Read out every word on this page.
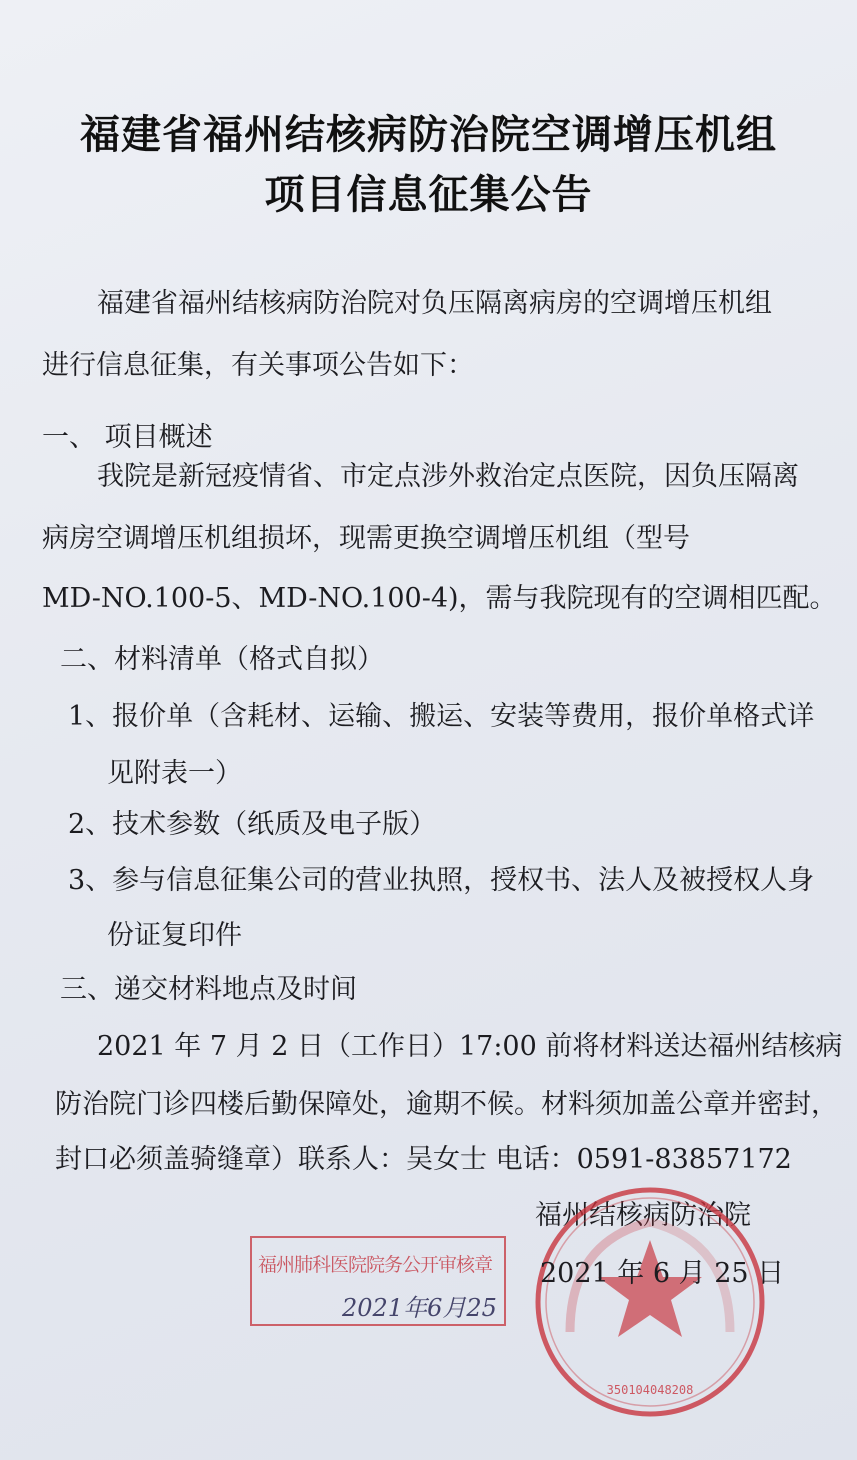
福建省福州结核病防治院空调增压机组
项目信息征集公告
福建省福州结核病防治院对负压隔离病房的空调增压机组
进行信息征集，有关事项公告如下：
一、 项目概述
我院是新冠疫情省、市定点涉外救治定点医院，因负压隔离
病房空调增压机组损坏，现需更换空调增压机组（型号
MD-NO.100-5、MD-NO.100-4)，需与我院现有的空调相匹配。
二、材料清单（格式自拟）
1、报价单（含耗材、运输、搬运、安装等费用，报价单格式详
见附表一）
2、技术参数（纸质及电子版）
3、参与信息征集公司的营业执照，授权书、法人及被授权人身
份证复印件
三、递交材料地点及时间
2021 年 7 月 2 日（工作日）17:00 前将材料送达福州结核病
防治院门诊四楼后勤保障处，逾期不候。材料须加盖公章并密封，
封口必须盖骑缝章）联系人：吴女士 电话：0591-83857172
福州结核病防治院
350104048208
2021 年 6 月 25 日
福州肺科医院院务公开审核章
2021年6月25
